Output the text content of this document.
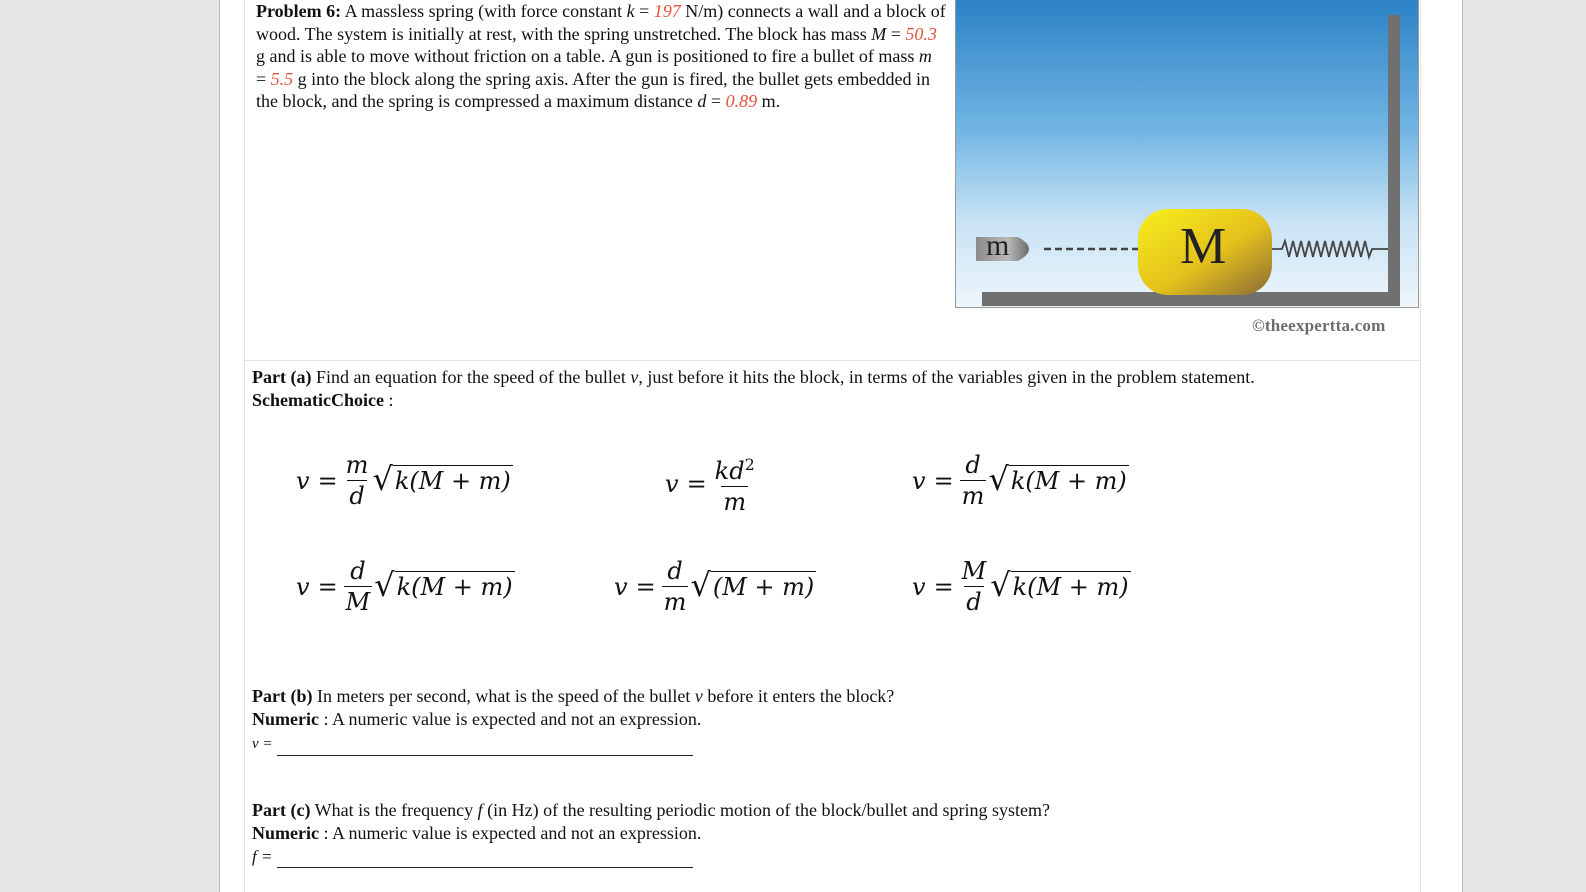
Problem 6: A massless spring (with force constant k = 197 N/m) connects a wall and a block of wood. The system is initially at rest, with the spring unstretched. The block has mass M = 50.3 g and is able to move without friction on a table. A gun is positioned to fire a bullet of mass m = 5.5 g into the block along the spring axis. After the gun is fired, the bullet gets embedded in the block, and the spring is compressed a maximum distance d = 0.89 m.
m	M
©theexpertta.com
Part (a) Find an equation for the speed of the bullet v, just before it hits the block, in terms of the variables given in the problem statement.
SchematicChoice :
$v = \frac{m}{d}$ √ k(M + m)	$v = \frac{kd^2}{m}$	$v = \frac{d}{m}$ √ k(M + m)
$v = \frac{d}{M}$ √ k(M + m)	$v = \frac{d}{m}$ √ (M + m)	$v = \frac{M}{d}$ √ k(M + m)
Part (b) In meters per second, what is the speed of the bullet v before it enters the block?
Numeric : A numeric value is expected and not an expression.
v =
Part (c) What is the frequency f (in Hz) of the resulting periodic motion of the block/bullet and spring system?
Numeric : A numeric value is expected and not an expression.
f =
